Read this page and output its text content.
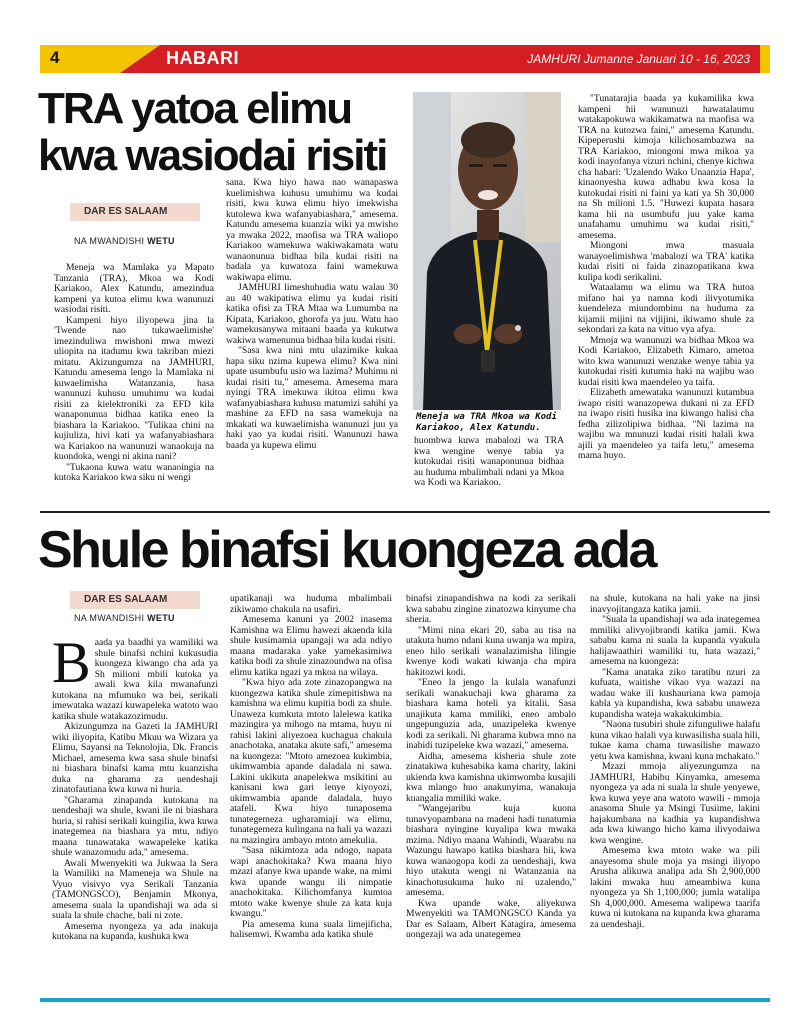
4	HABARI	JAMHURI Jumanne Januari 10 - 16, 2023
TRA yatoa elimu
kwa wasiodai risiti
DAR ES SALAAM
NA MWANDISHI WETU

Meneja wa Mamlaka ya Mapato Tanzania (TRA), Mkoa wa Kodi Kariakoo, Alex Katundu, amezindua kampeni ya kutoa elimu kwa wanunuzi wasiodai risiti.

Kampeni hiyo iliyopewa jina la 'Twende nao tukawaelimishe' imezinduliwa mwishoni mwa mwezi uliopita na itadumu kwa takriban miezi mitatu. Akizungumza na JAMHURI, Katundu amesema lengo la Mamlaka ni kuwaelimisha Watanzania, hasa wanunuzi kuhusu umuhimu wa kudai risiti za kielektroniki za EFD kila wanaponunua bidhaa katika eneo la biashara la Kariakoo. "Tulikaa chini na kujiuliza, hivi kati ya wafanyabiashara wa Kariakoo na wanunuzi wanaokuja na kuondoka, wengi ni akina nani?

"Tukaona kuwa watu wanaoingia na kutoka Kariakoo kwa siku ni wengi

sana. Kwa hiyo hawa nao wanapaswa kuelimishwa kuhusu umuhimu wa kudai risiti, kwa kuwa elimu hiyo imekwisha kutolewa kwa wafanyabiashara," amesema. Katundu amesema kuanzia wiki ya mwisho ya mwaka 2022, maofisa wa TRA waliopo Kariakoo wamekuwa wakiwakamata watu wanaonunua bidhaa bila kudai risiti na badala ya kuwatoza faini wamekuwa wakiwapa elimu.

JAMHURI limeshuhudia watu walau 30 au 40 wakipatiwa elimu ya kudai risiti katika ofisi za TRA Mtaa wa Lumumba na Kipata, Kariakoo, ghorofa ya juu. Watu hao wamekusanywa mitaani baada ya kukutwa wakiwa wamenunua bidhaa bila kudai risiti.

"Sasa kwa nini mtu ulazimike kukaa hapa siku nzima kupewa elimu? Kwa nini upate usumbufu usio wa lazima? Muhimu ni kudai risiti tu," amesema. Amesema mara nyingi TRA imekuwa ikitoa elimu kwa wafanyabiashara kuhusu matumizi sahihi ya mashine za EFD na sasa wamekuja na mkakati wa kuwaelimisha wanunuzi juu ya haki yao ya kudai risiti. Wanunuzi hawa baada ya kupewa elimu

Meneja wa TRA Mkoa wa Kodi Kariakoo, Alex Katundu.

huombwa kuwa mabalozi wa TRA kwa wengine wenye tabia ya kutokudai risiti wanaponunua bidhaa au huduma mbalimbali ndani ya Mkoa wa Kodi wa Kariakoo.

"Tunatarajia baada ya kukamilika kwa kampeni hii wanunuzi hawatalaumu watakapokuwa wakikamatwa na maofisa wa TRA na kutozwa faini," amesema Katundu. Kipeperushi kimoja kilichosambazwa na TRA Kariakoo, miongoni mwa mikoa ya kodi inayofanya vizuri nchini, chenye kichwa cha habari: 'Uzalendo Wako Unaanzia Hapa', kinaonyesha kuwa adhabu kwa kosa la kutokudai risiti ni faini ya kati ya Sh 30,000 na Sh milioni 1.5. "Huwezi kupata hasara kama hii na usumbufu juu yake kama unafahamu umuhimu wa kudai risiti," amesema.

Miongoni mwa masuala wanayoelimishwa 'mabalozi wa TRA' katika kudai risiti ni faida zinazopatikana kwa kulipa kodi serikalini.

Wataalamu wa elimu wa TRA hutoa mifano hai ya namna kodi ilivyotumika kuendeleza miundombinu na huduma za kijamii mijini na vijijini, ikiwamo shule za sekondari za kata na vituo vya afya.

Mmoja wa wanunuzi wa bidhaa Mkoa wa Kodi Kariakoo, Elizabeth Kimaro, ametoa wito kwa wanunuzi wenzake wenye tabia ya kutokudai risiti kutumia haki na wajibu wao kudai risiti kwa maendeleo ya taifa.

Elizabeth amewataka wanunuzi kutambua iwapo risiti wanazopewa dukani ni za EFD na iwapo risiti husika ina kiwango halisi cha fedha zilizolipiwa bidhaa. "Ni lazima na wajibu wa mnunuzi kudai risiti halali kwa ajili ya maendeleo ya taifa letu," amesema mama huyo.

Shule binafsi kuongeza ada
DAR ES SALAAM
NA MWANDISHI WETU

Baada ya baadhi ya wamiliki wa shule binafsi nchini kukusudia kuongeza kiwango cha ada ya Sh milioni mbili kutoka ya awali kwa kila mwanafunzi kutokana na mfumuko wa bei, serikali imewataka wazazi kuwapeleka watoto wao katika shule watakazozimudu.

Akizungumza na Gazeti la JAMHURI wiki iliyopita, Katibu Mkuu wa Wizara ya Elimu, Sayansi na Teknolojia, Dk. Francis Michael, amesema kwa sasa shule binafsi ni biashara binafsi kama mtu kuanzisha duka na gharama za uendeshaji zinatofautiana kwa kuwa ni huria.

"Gharama zinapanda kutokana na uendeshaji wa shule, kwani ile ni biashara huria, si rahisi serikali kuingilia, kwa kuwa inategemea na biashara ya mtu, ndiyo maana tunawataka wawapeleke katika shule wanazomudu ada," amesema.

Awali Mwenyekiti wa Jukwaa la Sera la Wamiliki na Mameneja wa Shule na Vyuo visivyo vya Serikali Tanzania (TAMONGSCO), Benjamin Mkonya, amesema suala la upandishaji wa ada si suala la shule chache, bali ni zote.

Amesema nyongeza ya ada inakuja kutokana na kupanda, kushuka kwa

upatikanaji wa huduma mbalimbali zikiwamo chakula na usafiri.

Amesema kanuni ya 2002 inasema Kamishna wa Elimu hawezi akaenda kila shule kusimamia upangaji wa ada ndiyo maana madaraka yake yamekasimiwa katika bodi za shule zinazoundwa na ofisa elimu katika ngazi ya mkoa na wilaya.

"Kwa hiyo ada zote zinazopangwa na kuongezwa katika shule zimepitishwa na kamishna wa elimu kupitia bodi za shule. Unaweza kumkuta mtoto lalelewa katika mazingira ya mihogo na mtama, huyu ni rahisi lakini aliyezoea kuchagua chakula anachotaka, anataka akute safi," amesema na kuongeza: "Mtoto amezoea kukimbia, ukimwambia apande daladala ni sawa. Lakini ukikuta anapelekwa msikitini au kanisani kwa gari lenye kiyoyozi, ukimwambia apande daladala, huyo atafeli. Kwa hiyo tunaposema tunategemeza ugharamiaji wa elimu, tunategemeza kulingana na hali ya wazazi na mazingira ambayo mtoto amekulia.

"Sasa nikimtoza ada ndogo, napata wapi anachokitaka? Kwa maana hiyo mzazi afanye kwa upande wake, na mimi kwa upande wangu ili nimpatie anachokitaka. Kilichomfanya kumtoa mtoto wake kwenye shule za kata kuja kwangu."

Pia amesema kuna suala limejificha, halisemwi. Kwamba ada katika shule

binafsi zinapandishwa na kodi za serikali kwa sababu zingine zinatozwa kinyume cha sheria.

"Mimi nina ekari 20, saba au tisa na utakuta humo ndani kuna uwanja wa mpira, eneo hilo serikali wanalazimisha lilingie kwenye kodi wakati kiwanja cha mpira hakitozwi kodi.

"Eneo la jengo la kulala wanafunzi serikali wanakuchaji kwa gharama za biashara kama hoteli ya kitalii. Sasa unajikuta kama mmiliki, eneo ambalo ungepunguzia ada, unazipeleka kwenye kodi za serikali. Ni gharama kubwa mno na inabidi tuzipeleke kwa wazazi," amesema.

Aidha, amesema kisheria shule zote zinatakiwa kuhesabika kama charity, lakini ukienda kwa kamishna ukimwomba kusajili kwa mlango huo anakunyima, wanakuja kuangalia mmiliki wake.

"Wangejaribu kuja kuona tunavyopambana na madeni hadi tunatumia biashara nyingine kuyalipa kwa mwaka mzima. Ndiyo maana Wahindi, Waarabu na Wazungu hawapo katika biashara hii, kwa kuwa wanaogopa kodi za uendeshaji, kwa hiyo utakuta wengi ni Watanzania na kinachotusukuma huko ni uzalendo," amesema.

Kwa upande wake, aliyekuwa Mwenyekiti wa TAMONGSCO Kanda ya Dar es Salaam, Albert Katagira, amesema uongezaji wa ada unategemea

na shule, kutokana na hali yake na jinsi inavyojitangaza katika jamii.

"Suala la upandishaji wa ada inategemea mmiliki alivyojibrandi katika jamii. Kwa sababu kama ni suala la kupanda vyakula halijawaathiri wamiliki tu, hata wazazi," amesema na kuongeza:

"Kama anataka ziko taratibu nzuri za kufuata, waitishe vikao vya wazazi na wadau wake ili kushauriana kwa pamoja kabla ya kupandisha, kwa sababu unaweza kupandisha wateja wakakukimbia.

"Naona tusubiri shule zifunguliwe halafu kuna vikao halali vya kuwasilisha suala hili, tukae kama chama tuwasilishe mawazo yetu kwa kamishna, kwani kuna mchakato."

Mzazi mmoja aliyezungumza na JAMHURI, Habibu Kinyamka, amesema nyongeza ya ada ni suala la shule yenyewe, kwa kuwa yeye ana watoto wawili - mmoja anasoma Shule ya Msingi Tusiime, lakini hajakumbana na kadhia ya kupandishwa ada kwa kiwango hicho kama ilivyodaiwa kwa wengine.

Amesema kwa mtoto wake wa pili anayesoma shule moja ya msingi iliyopo Arusha alikuwa analipa ada Sh 2,900,000 lakini mwaka huu ameambiwa kuna nyongeza ya Sh 1,100,000; jumla watalipa Sh 4,000,000. Amesema walipewa taarifa kuwa ni kutokana na kupanda kwa gharama za uendeshaji.
